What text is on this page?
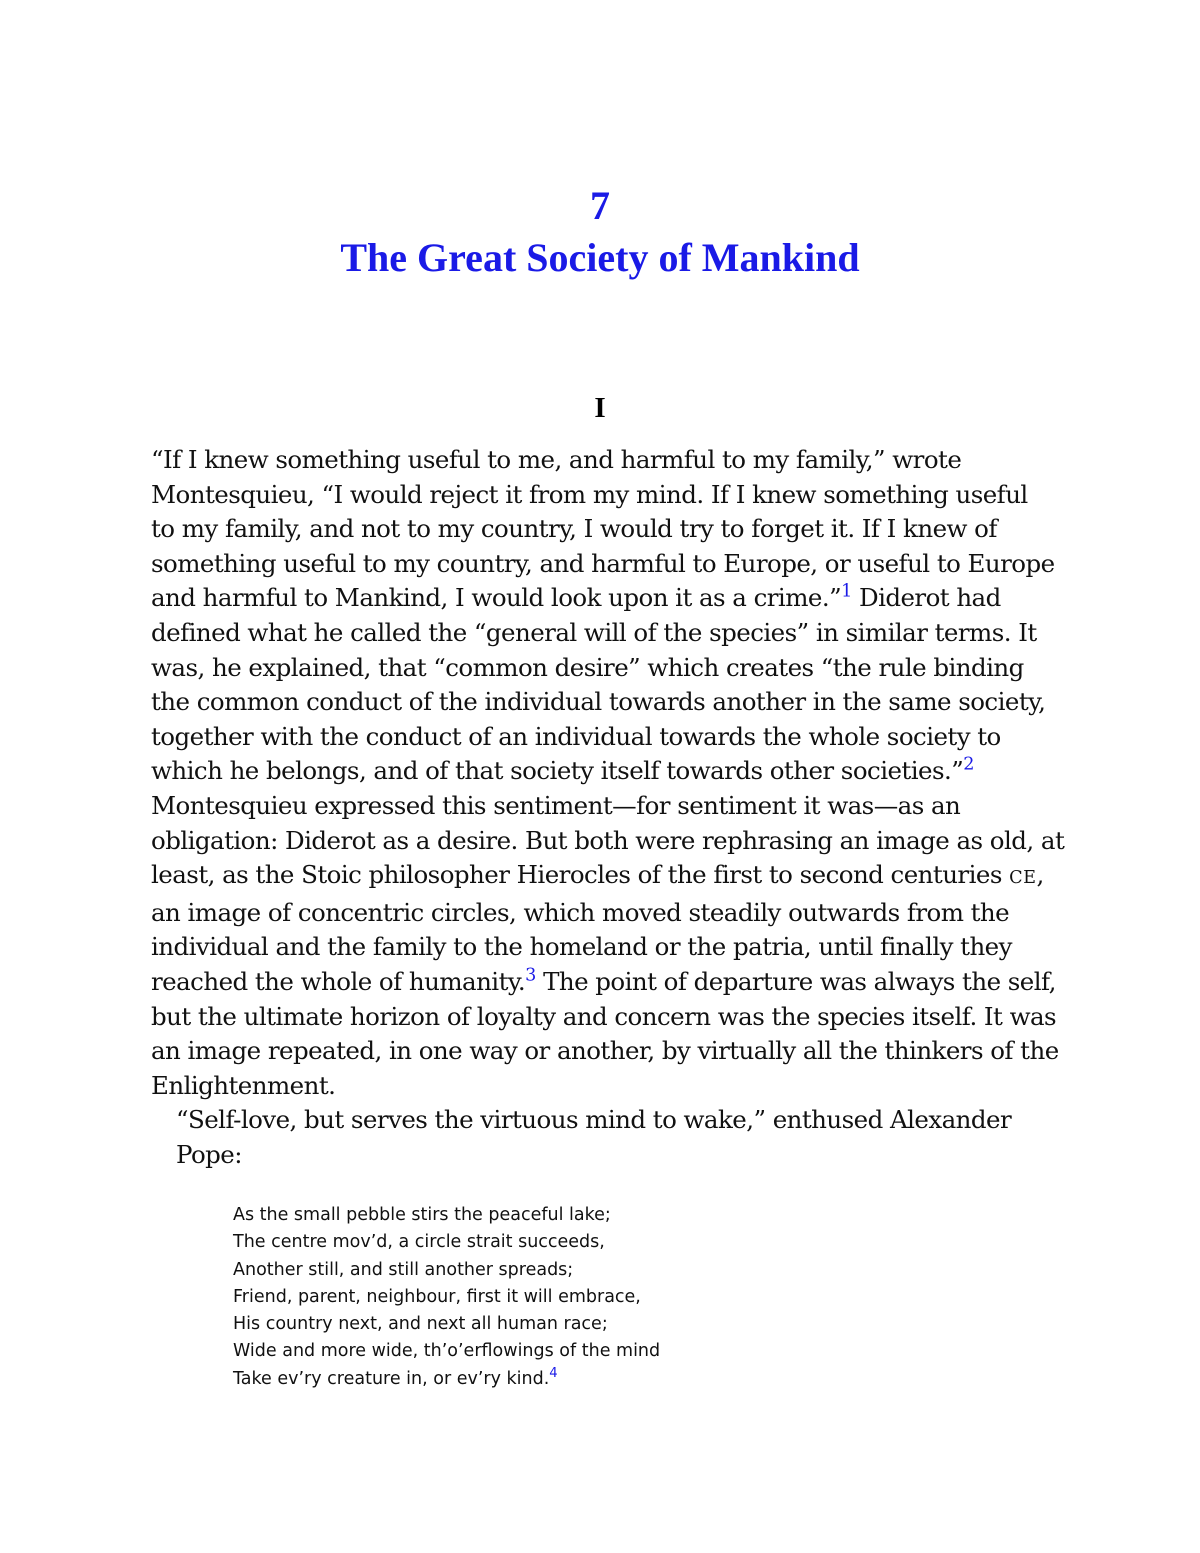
7
The Great Society of Mankind
I
“If I knew something useful to me, and harmful to my family,” wrote
Montesquieu, “I would reject it from my mind. If I knew something useful
to my family, and not to my country, I would try to forget it. If I knew of
something useful to my country, and harmful to Europe, or useful to Europe
and harmful to Mankind, I would look upon it as a crime.”$^1$ Diderot had
defined what he called the “general will of the species” in similar terms. It
was, he explained, that “common desire” which creates “the rule binding
the common conduct of the individual towards another in the same society,
together with the conduct of an individual towards the whole society to
which he belongs, and of that society itself towards other societies.”$^2$
Montesquieu expressed this sentiment—for sentiment it was—as an
obligation: Diderot as a desire. But both were rephrasing an image as old, at
least, as the Stoic philosopher Hierocles of the first to second centuries CE,
an image of concentric circles, which moved steadily outwards from the
individual and the family to the homeland or the patria, until finally they
reached the whole of humanity.$^3$ The point of departure was always the self,
but the ultimate horizon of loyalty and concern was the species itself. It was
an image repeated, in one way or another, by virtually all the thinkers of the
Enlightenment.
“Self-love, but serves the virtuous mind to wake,” enthused Alexander
Pope:
As the small pebble stirs the peaceful lake;
The centre mov’d, a circle strait succeeds,
Another still, and still another spreads;
Friend, parent, neighbour, first it will embrace,
His country next, and next all human race;
Wide and more wide, th’o’erflowings of the mind
Take ev’ry creature in, or ev’ry kind.$^4$
